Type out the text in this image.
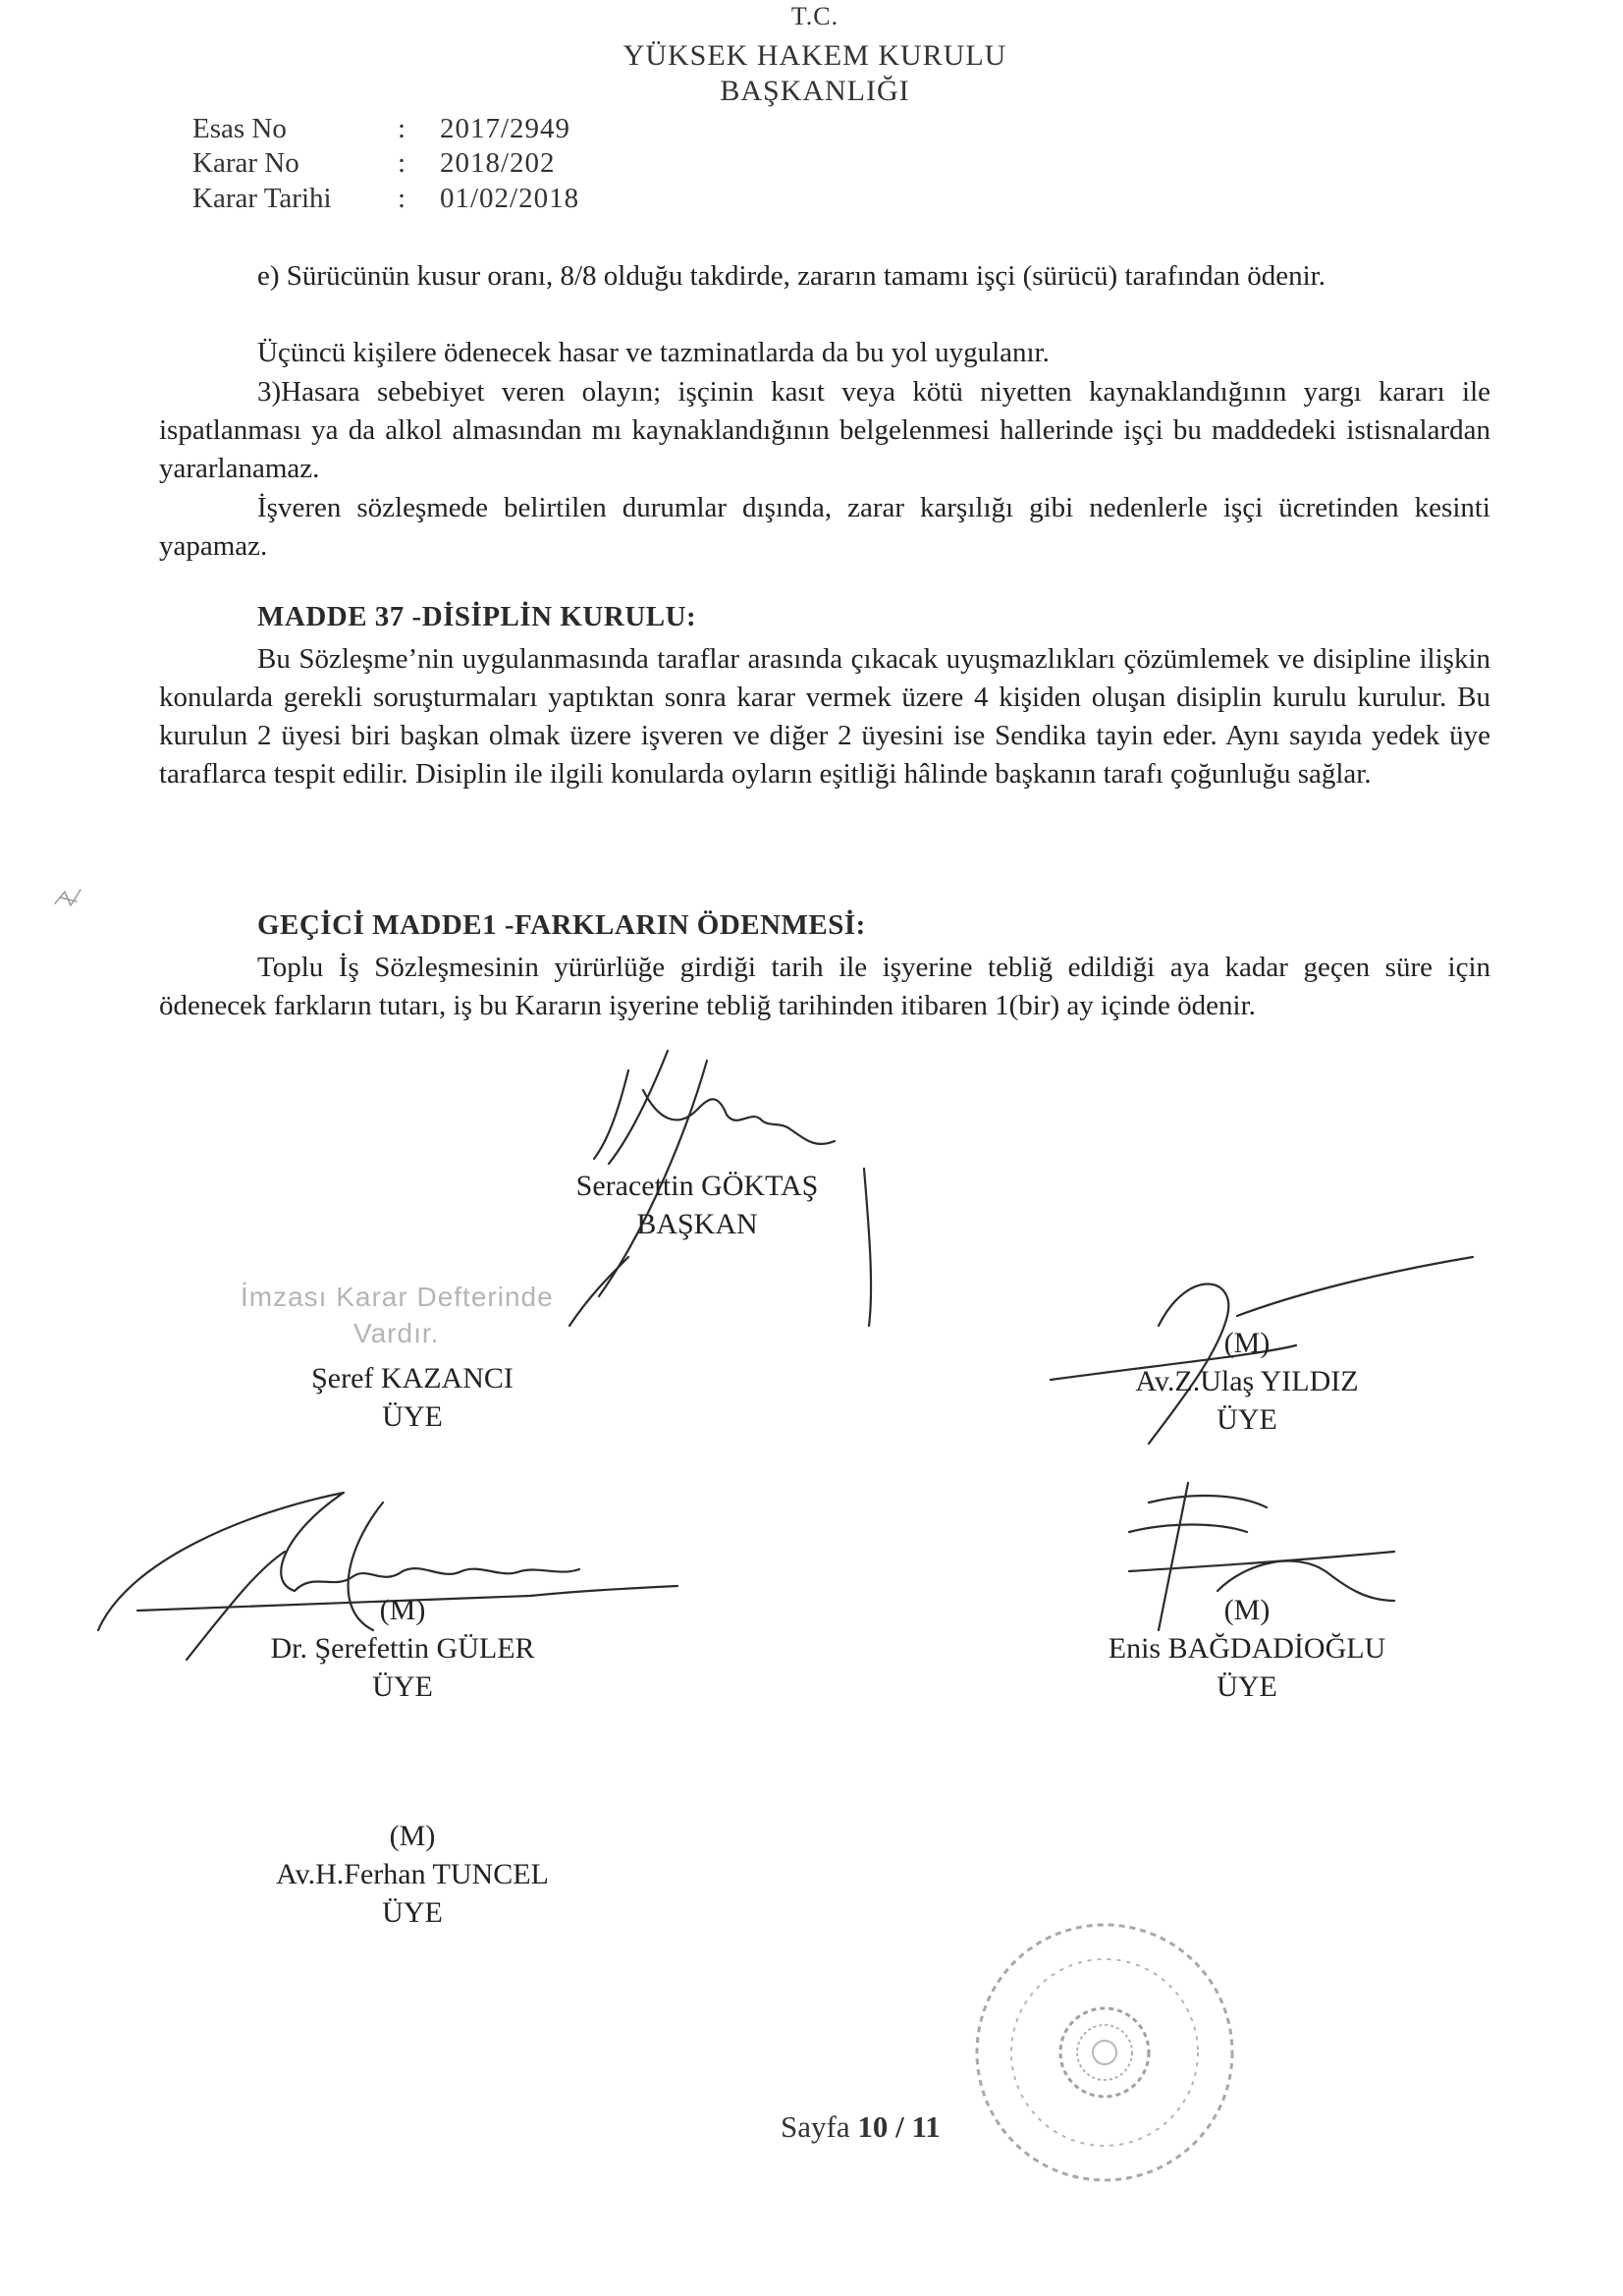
T.C.
YÜKSEK HAKEM KURULU
BAŞKANLIĞI
Esas No	: 2017/2949
Karar No	: 2018/202
Karar Tarihi : 01/02/2018
e) Sürücünün kusur oranı, 8/8 olduğu takdirde, zararın tamamı işçi (sürücü) tarafından ödenir.
Üçüncü kişilere ödenecek hasar ve tazminatlarda da bu yol uygulanır.
3)Hasara sebebiyet veren olayın; işçinin kasıt veya kötü niyetten kaynaklandığının yargı kararı ile ispatlanması ya da alkol almasından mı kaynaklandığının belgelenmesi hallerinde işçi bu maddedeki istisnalardan yararlanamaz.
İşveren sözleşmede belirtilen durumlar dışında, zarar karşılığı gibi nedenlerle işçi ücretinden kesinti yapamaz.
MADDE 37 -DİSİPLİN KURULU:
Bu Sözleşme’nin uygulanmasında taraflar arasında çıkacak uyuşmazlıkları çözümlemek ve disipline ilişkin konularda gerekli soruşturmaları yaptıktan sonra karar vermek üzere 4 kişiden oluşan disiplin kurulu kurulur. Bu kurulun 2 üyesi biri başkan olmak üzere işveren ve diğer 2 üyesini ise Sendika tayin eder. Aynı sayıda yedek üye taraflarca tespit edilir. Disiplin ile ilgili konularda oyların eşitliği hâlinde başkanın tarafı çoğunluğu sağlar.
GEÇİCİ MADDE1 -FARKLARIN ÖDENMESİ:
Toplu İş Sözleşmesinin yürürlüğe girdiği tarih ile işyerine tebliğ edildiği aya kadar geçen süre için ödenecek farkların tutarı, iş bu Kararın işyerine tebliğ tarihinden itibaren 1(bir) ay içinde ödenir.
Seracettin GÖKTAŞ
BAŞKAN
İmzası Karar Defterinde
Vardır.
Şeref KAZANCI
ÜYE
(M)
Av.Z.Ulaş YILDIZ
ÜYE
(M)
Dr. Şerefettin GÜLER
ÜYE
(M)
Enis BAĞDADİOĞLU
ÜYE
(M)
Av.H.Ferhan TUNCEL
ÜYE
Sayfa 10 / 11
